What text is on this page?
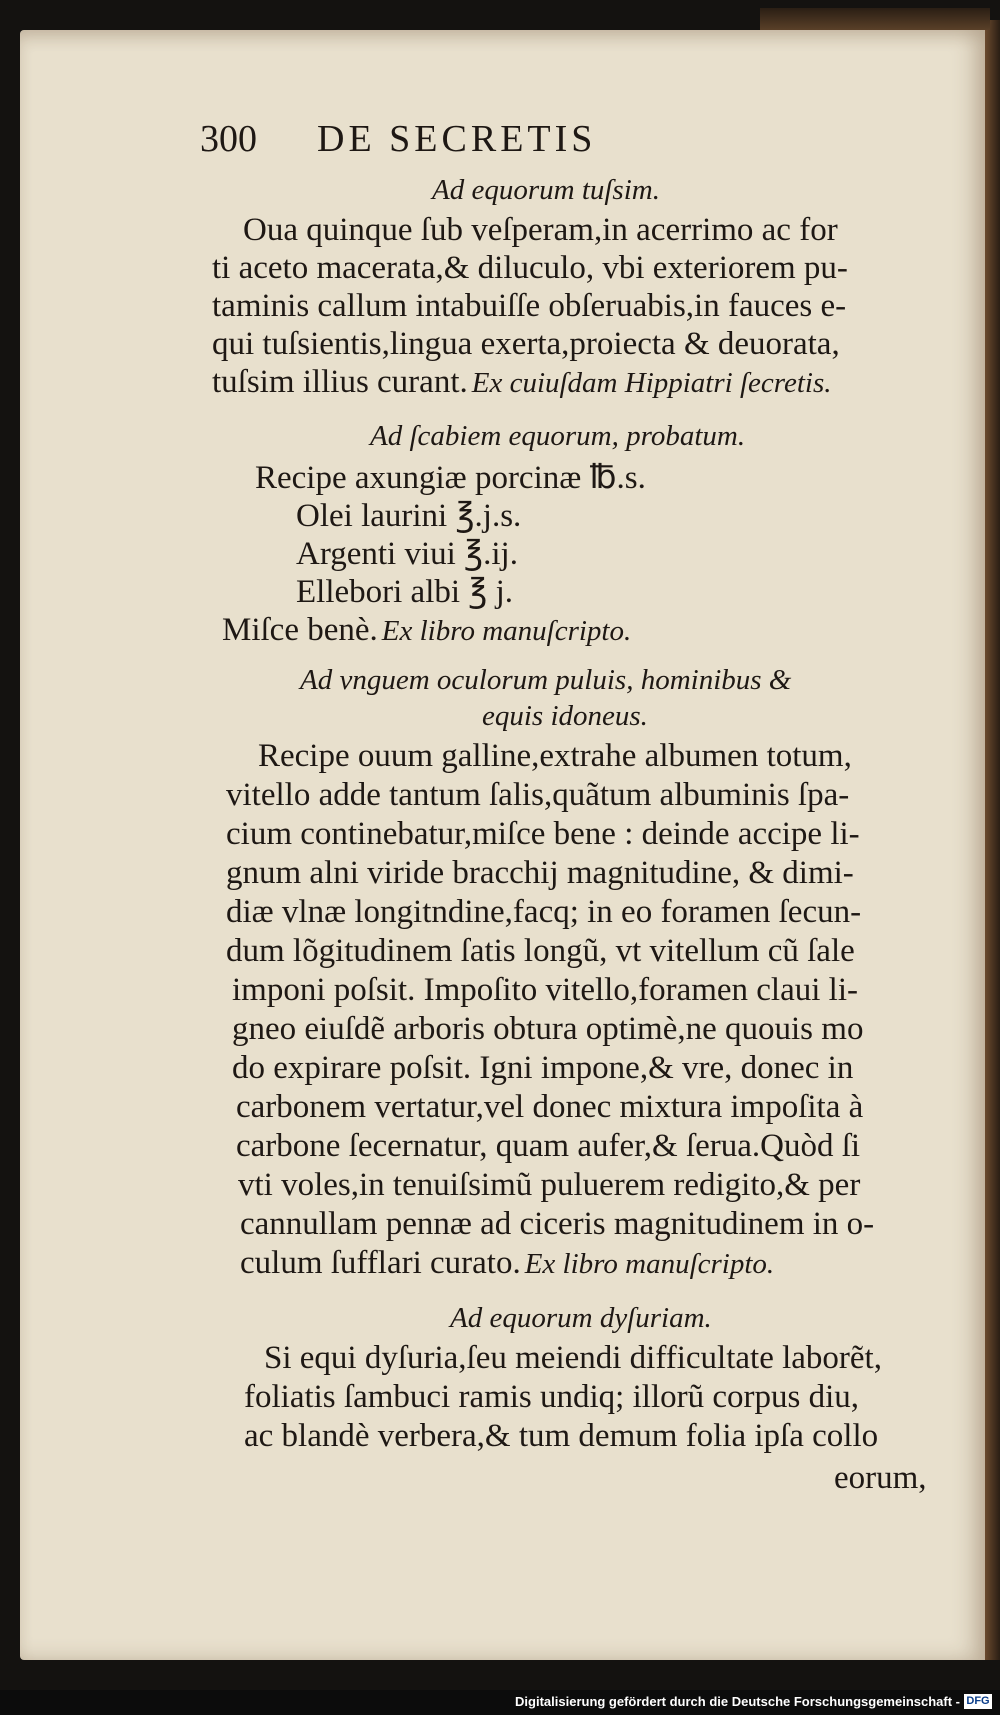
300 DE SECRETIS
Ad equorum tuſsim.
Oua quinque ſub veſperam,in acerrimo ac for
ti aceto macerata,& diluculo, vbi exteriorem pu-
taminis callum intabuiſſe obſeruabis,in fauces e-
qui tuſsientis,lingua exerta,proiecta & deuorata,
tuſsim illius curant. Ex cuiuſdam Hippiatri ſecretis.
Ad ſcabiem equorum, probatum.
Recipe axungiæ porcinæ ℔.s.
Olei laurini ℥.j.s.
Argenti viui ℥.ij.
Ellebori albi ℥ j.
Miſce benè. Ex libro manuſcripto.
Ad vnguem oculorum puluis, hominibus &
equis idoneus.
Recipe ouum galline,extrahe albumen totum,
vitello adde tantum ſalis,quãtum albuminis ſpa-
cium continebatur,miſce bene : deinde accipe li-
gnum alni viride bracchij magnitudine, & dimi-
diæ vlnæ longitndine,facq; in eo foramen ſecun-
dum lõgitudinem ſatis longũ, vt vitellum cũ ſale
imponi poſsit. Impoſito vitello,foramen claui li-
gneo eiuſdẽ arboris obtura optimè,ne quouis mo
do expirare poſsit. Igni impone,& vre, donec in
carbonem vertatur,vel donec mixtura impoſita à
carbone ſecernatur, quam aufer,& ſerua.Quòd ſi
vti voles,in tenuiſsimũ puluerem redigito,& per
cannullam pennæ ad ciceris magnitudinem in o-
culum ſufflari curato. Ex libro manuſcripto.
Ad equorum dyſuriam.
Si equi dyſuria,ſeu meiendi difficultate laborẽt,
foliatis ſambuci ramis undiq; illorũ corpus diu,
ac blandè verbera,& tum demum folia ipſa collo
eorum,
Digitalisierung gefördert durch die Deutsche Forschungsgemeinschaft - DFG
